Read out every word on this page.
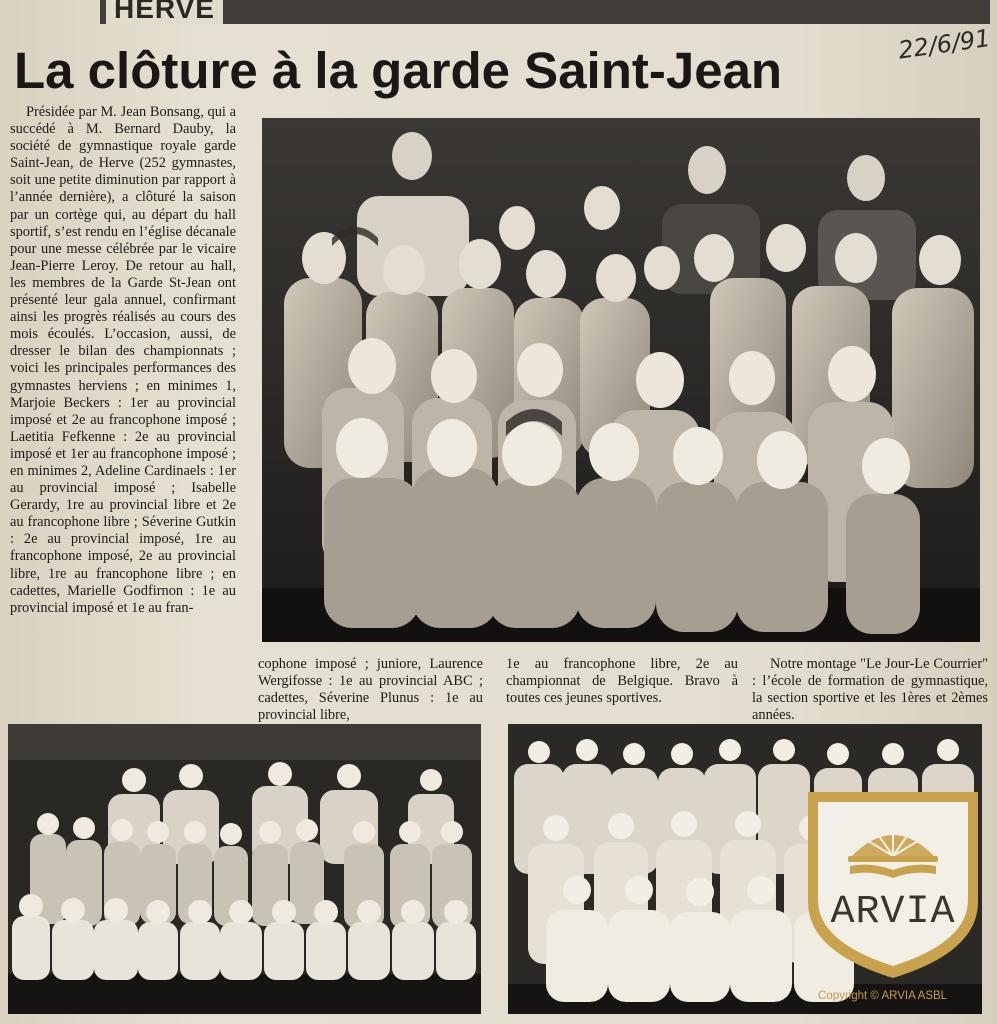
HERVE
La clôture à la garde Saint-Jean	22/6/91

Présidée par M. Jean Bonsang, qui a succédé à M. Bernard Dauby, la société de gymnastique royale garde Saint-Jean, de Herve (252 gymnastes, soit une petite diminution par rapport à l’année dernière), a clôturé la saison par un cortège qui, au départ du hall sportif, s’est rendu en l’église décanale pour une messe célébrée par le vicaire Jean-Pierre Leroy. De retour au hall, les membres de la Garde St-Jean ont présenté leur gala annuel, confirmant ainsi les progrès réalisés au cours des mois écoulés. L’occasion, aussi, de dresser le bilan des championnats ; voici les principales performances des gymnastes herviens ; en minimes 1, Marjoie Beckers : 1er au provincial imposé et 2e au francophone imposé ; Laetitia Fefkenne : 2e au provincial imposé et 1er au francophone imposé ; en minimes 2, Adeline Cardinaels : 1er au provincial imposé ; Isabelle Gerardy, 1re au provincial libre et 2e au francophone libre ; Séverine Gutkin : 2e au provincial imposé, 1re au francophone imposé, 2e au provincial libre, 1re au francophone libre ; en cadettes, Marielle Godfirnon : 1e au provincial imposé et 1e au fran-

cophone imposé ; juniore, Laurence Wergifosse : 1e au provincial ABC ; cadettes, Séverine Plunus : 1e au provincial libre,

1e au francophone libre, 2e au championnat de Belgique. Bravo à toutes ces jeunes sportives.

Notre montage "Le Jour-Le Courrier" : l’école de formation de gymnastique, la section sportive et les 1ères et 2èmes années.

ARVIA
Copyright © ARVIA ASBL
